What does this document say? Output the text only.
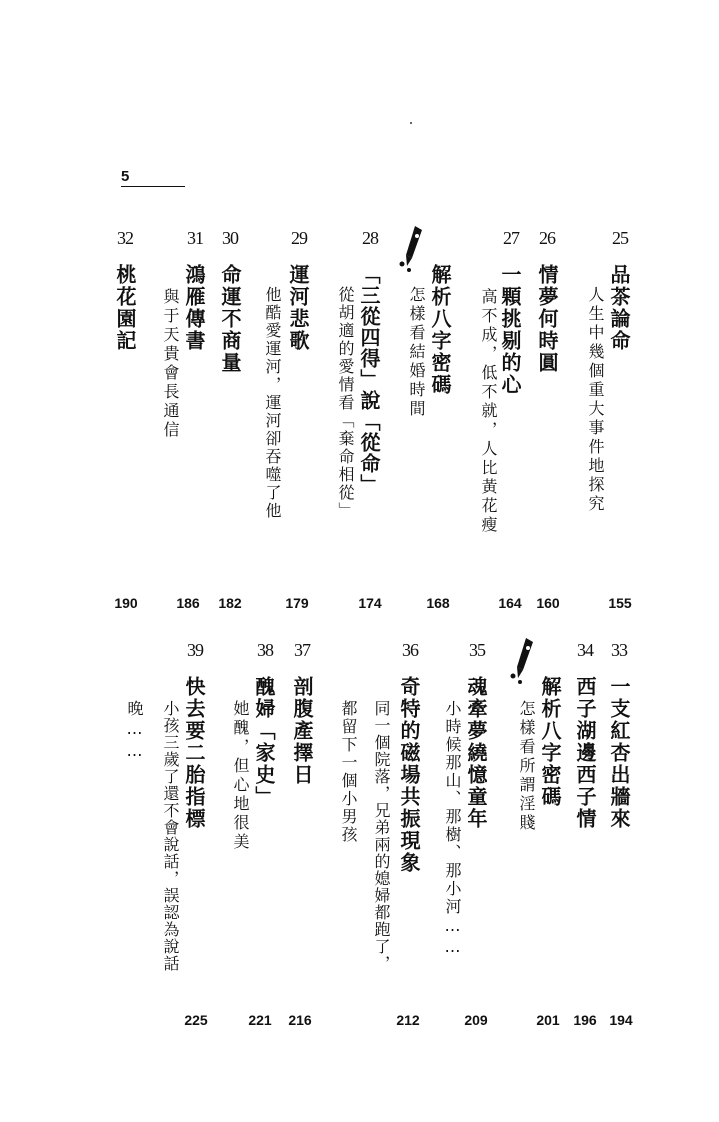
5
25
品茶論命
人生中幾個重大事件地探究
155
26
情夢何時圓
160
27
一顆挑剔的心
高不成，低不就，人比黃花瘦
164
解析八字密碼
怎樣看結婚時間
168
28
「三從四得」說「從命」
從胡適的愛情看「棄命相從」
174
29
運河悲歌
他酷愛運河，運河卻吞噬了他
179
30
命運不商量
182
31
鴻雁傳書
與于天貴會長通信
186
32
桃花園記
190
33
一支紅杏出牆來
194
34
西子湖邊西子情
196
解析八字密碼
怎樣看所謂淫賤
201
35
魂牽夢繞憶童年
小時候那山、那樹、那小河……
209
36
奇特的磁場共振現象
同一個院落，兄弟兩的媳婦都跑了，
都留下一個小男孩
212
37
剖腹產擇日
216
38
醜婦「家史」
她醜，但心地很美
221
39
快去要二胎指標
小孩三歲了還不會說話，誤認為說話
晚……
225
